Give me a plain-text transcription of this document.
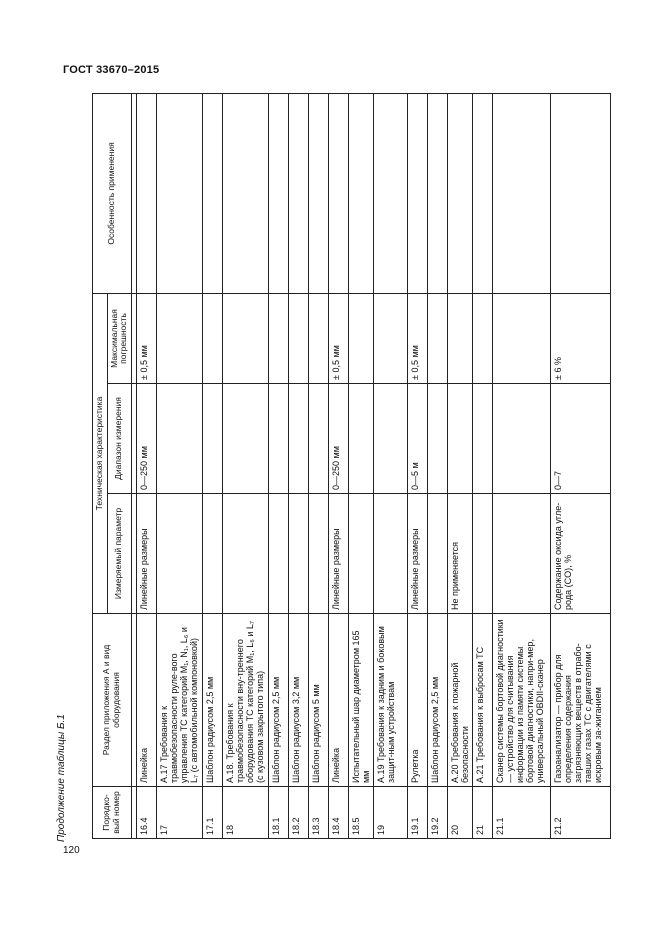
ГОСТ 33670–2015
Продолжение таблицы Б.1
120
Порядко-вый номер	Раздел приложения А и вид оборудования	Техническая характеристика			Особенность применения
		Измеряемый параметр	Диапазон измерения	Максимальная погрешность	

16.4	Линейка	Линейные размеры	0—250 мм	± 0,5 мм	
17	А.17 Требования к травмобезопасности руле-вого управления ТС категорий M₁, N₁, L₆ и L₇ (с автомобильной компоновкой)				
17.1	Шаблон радиусом 2,5 мм				
18	А.18. Требования к травмобезопасности вну-треннего оборудования ТС категорий M₁, L₆ и L₇ (с кузовом закрытого типа)				
18.1	Шаблон радиусом 2,5 мм				
18.2	Шаблон радиусом 3,2 мм				
18.3	Шаблон радиусом 5 мм				
18.4	Линейка	Линейные размеры	0—250 мм	± 0,5 мм	
18.5	Испытательный шар диаметром 165 мм				
19	А.19 Требования к задним и боковым защит-ным устройствам				
19.1	Рулетка	Линейные размеры	0—5 м	± 0,5 мм	
19.2	Шаблон радиусом 2,5 мм				
20	А.20 Требования к пожарной безопасности	Не применяется			
21	А.21 Требования к выбросам ТС				
21.1	Сканер системы бортовой диагностики — устройство для считывания информации из памяти системы бортовой диагностики, напри-мер, универсальный OBDII-сканер				
21.2	Газоанализатор — прибор для определения содержания загрязняющих веществ в отрабо-тавших газах ТС с двигателями с искровым за-жиганием	Содержание оксида угле-рода (CO), %	0—7	± 6 %	
